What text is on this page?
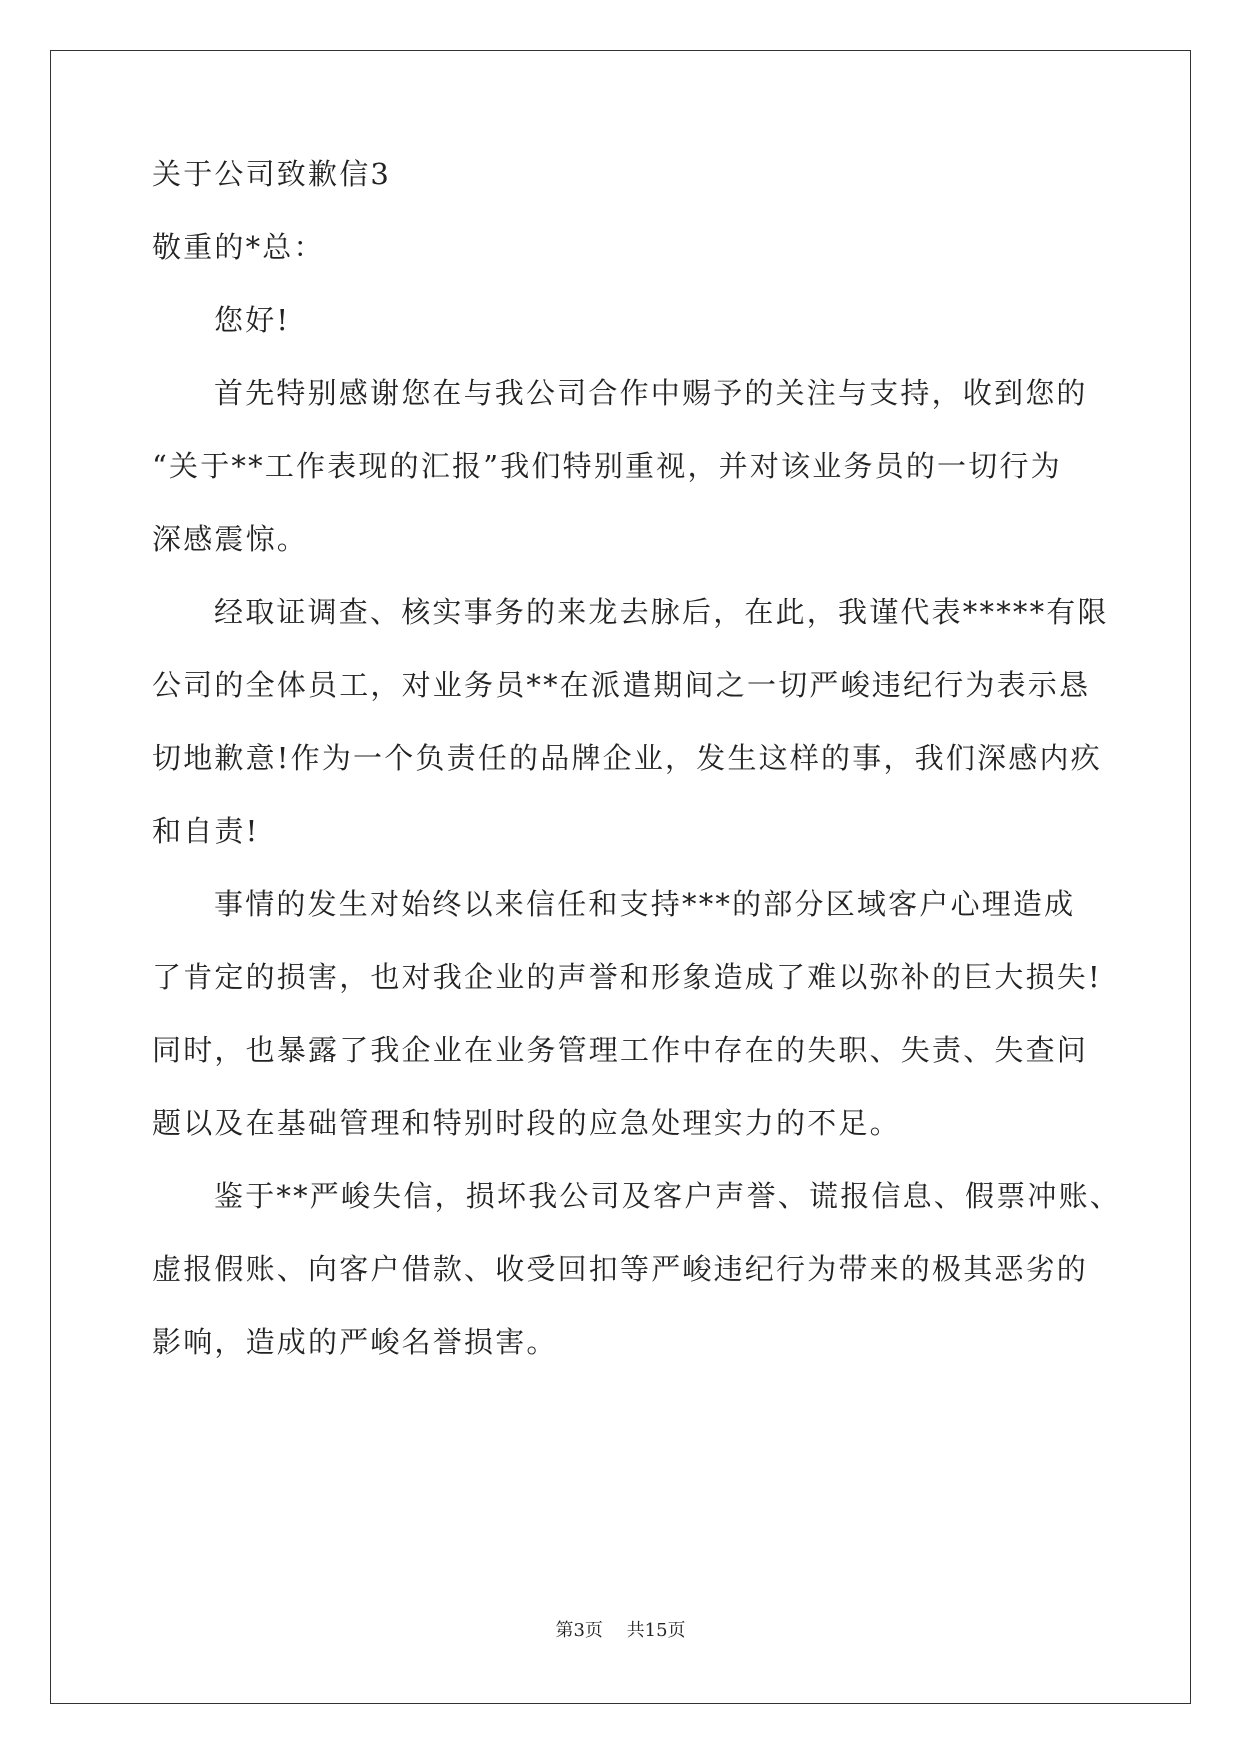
关于公司致歉信3
敬重的*总：
您好!
首先特别感谢您在与我公司合作中赐予的关注与支持，收到您的
“关于**工作表现的汇报”我们特别重视，并对该业务员的一切行为
深感震惊。
经取证调查、核实事务的来龙去脉后，在此，我谨代表*****有限
公司的全体员工，对业务员**在派遣期间之一切严峻违纪行为表示恳
切地歉意!作为一个负责任的品牌企业，发生这样的事，我们深感内疚
和自责!
事情的发生对始终以来信任和支持***的部分区域客户心理造成
了肯定的损害，也对我企业的声誉和形象造成了难以弥补的巨大损失!
同时，也暴露了我企业在业务管理工作中存在的失职、失责、失查问
题以及在基础管理和特别时段的应急处理实力的不足。
鉴于**严峻失信，损坏我公司及客户声誉、谎报信息、假票冲账、
虚报假账、向客户借款、收受回扣等严峻违纪行为带来的极其恶劣的
影响，造成的严峻名誉损害。
第3页 共15页
